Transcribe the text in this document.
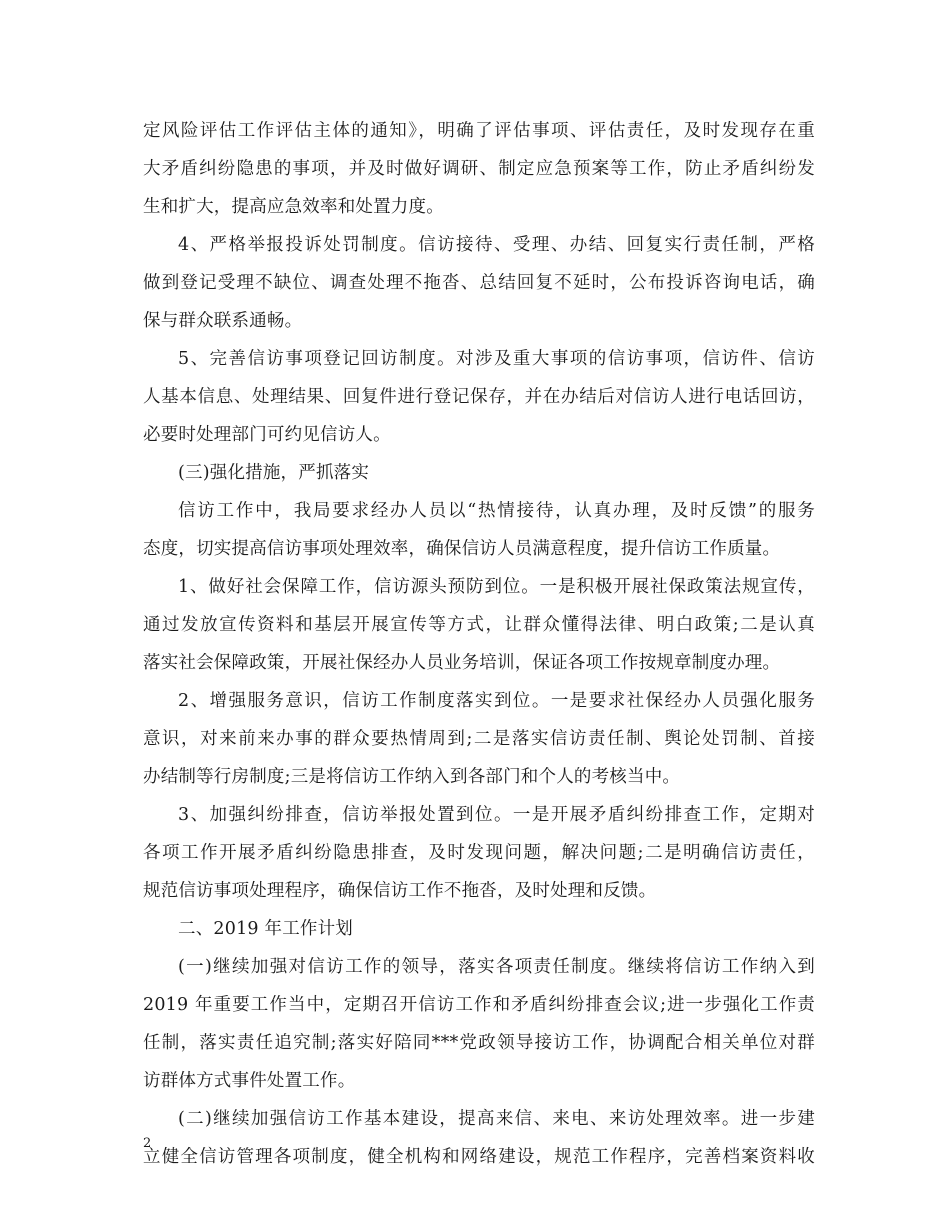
定风险评估工作评估主体的通知》，明确了评估事项、评估责任，及时发现存在重
大矛盾纠纷隐患的事项，并及时做好调研、制定应急预案等工作，防止矛盾纠纷发
生和扩大，提高应急效率和处置力度。
4、严格举报投诉处罚制度。信访接待、受理、办结、回复实行责任制，严格
做到登记受理不缺位、调查处理不拖沓、总结回复不延时，公布投诉咨询电话，确
保与群众联系通畅。
5、完善信访事项登记回访制度。对涉及重大事项的信访事项，信访件、信访
人基本信息、处理结果、回复件进行登记保存，并在办结后对信访人进行电话回访，
必要时处理部门可约见信访人。
(三)强化措施，严抓落实
信访工作中，我局要求经办人员以“热情接待，认真办理，及时反馈”的服务
态度，切实提高信访事项处理效率，确保信访人员满意程度，提升信访工作质量。
1、做好社会保障工作，信访源头预防到位。一是积极开展社保政策法规宣传，
通过发放宣传资料和基层开展宣传等方式，让群众懂得法律、明白政策;二是认真
落实社会保障政策，开展社保经办人员业务培训，保证各项工作按规章制度办理。
2、增强服务意识，信访工作制度落实到位。一是要求社保经办人员强化服务
意识，对来前来办事的群众要热情周到;二是落实信访责任制、舆论处罚制、首接
办结制等行房制度;三是将信访工作纳入到各部门和个人的考核当中。
3、加强纠纷排查，信访举报处置到位。一是开展矛盾纠纷排查工作，定期对
各项工作开展矛盾纠纷隐患排查，及时发现问题，解决问题;二是明确信访责任，
规范信访事项处理程序，确保信访工作不拖沓，及时处理和反馈。
二、2019 年工作计划
(一)继续加强对信访工作的领导，落实各项责任制度。继续将信访工作纳入到
2019 年重要工作当中，定期召开信访工作和矛盾纠纷排查会议;进一步强化工作责
任制，落实责任追究制;落实好陪同***党政领导接访工作，协调配合相关单位对群
访群体方式事件处置工作。
(二)继续加强信访工作基本建设，提高来信、来电、来访处理效率。进一步建
立健全信访管理各项制度，健全机构和网络建设，规范工作程序，完善档案资料收
2
